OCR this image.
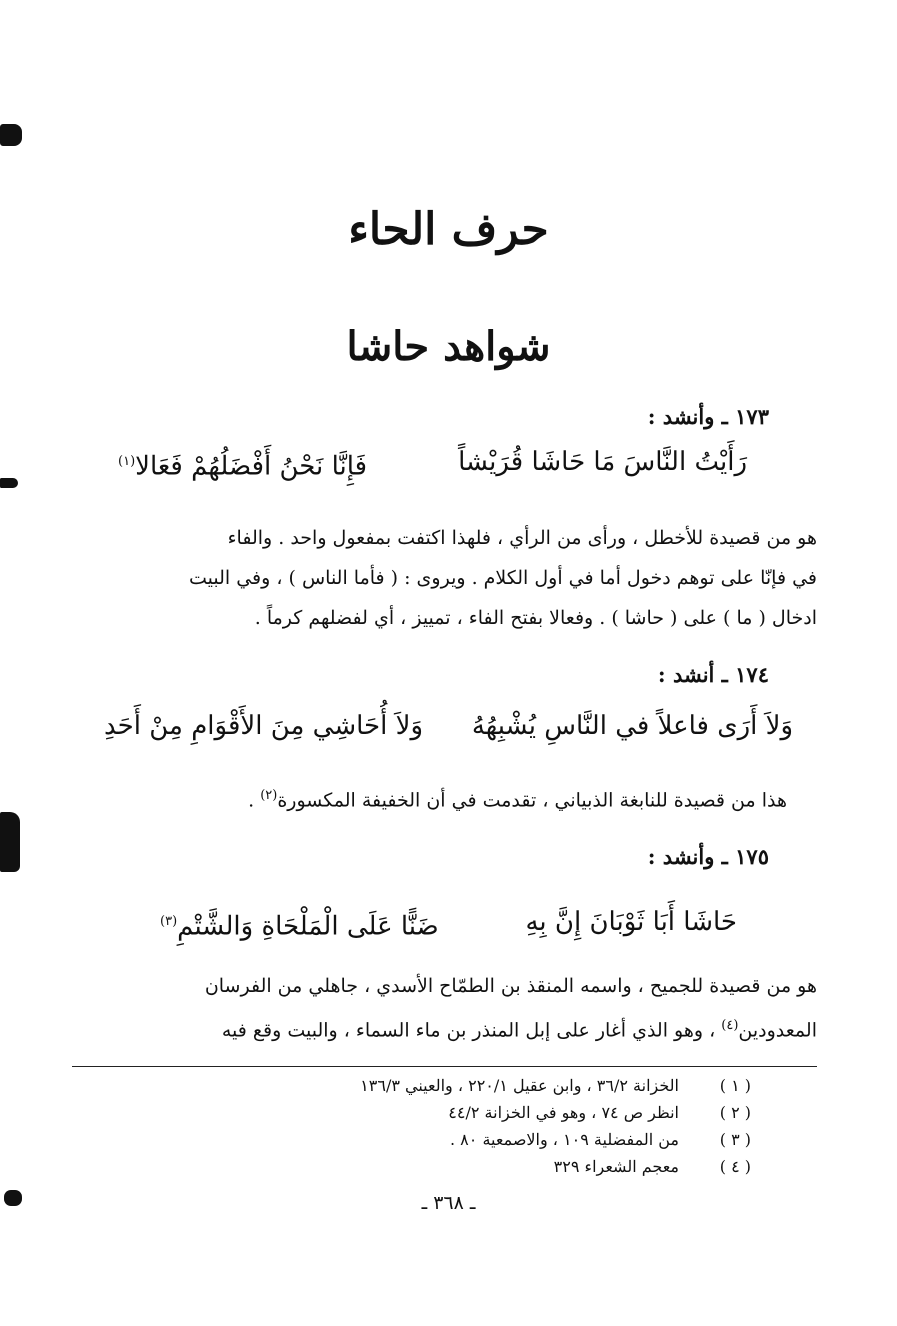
حرف الحاء
شواهد حاشا
١٧٣ ـ وأنشد :
رَأَيْتُ النَّاسَ مَا حَاشَا قُرَيْشاً
فَإِنَّا نَحْنُ أَفْضَلُهُمْ فَعَالا$^{(١)}$
هو من قصيدة للأخطل ، ورأى من الرأي ، فلهذا اكتفت بمفعول واحد . والفاء
في فإنّا على توهم دخول أما في أول الكلام . ويروى : ( فأما الناس ) ، وفي البيت
ادخال ( ما ) على ( حاشا ) . وفعالا بفتح الفاء ، تمييز ، أي لفضلهم كرماً .
١٧٤ ـ أنشد :
وَلاَ أَرَى فاعلاً في النَّاسِ يُشْبِهُهُ
وَلاَ أُحَاشِي مِنَ الأَقْوَامِ مِنْ أَحَدِ
هذا من قصيدة للنابغة الذبياني ، تقدمت في أن الخفيفة المكسورة$^{(٢)}$ .
١٧٥ ـ وأنشد :
حَاشَا أَبَا ثَوْبَانَ إِنَّ بِهِ
ضَنًّا عَلَى الْمَلْحَاةِ وَالشَّتْمِ$^{(٣)}$
هو من قصيدة للجميح ، واسمه المنقذ بن الطمّاح الأسدي ، جاهلي من الفرسان
المعدودين$^{(٤)}$ ، وهو الذي أغار على إبل المنذر بن ماء السماء ، والبيت وقع فيه
( ١ )
الخزانة ٣٦/٢ ، وابن عقيل ٢٢٠/١ ، والعيني ١٣٦/٣
( ٢ )
انظر ص ٧٤ ، وهو في الخزانة ٤٤/٢
( ٣ )
من المفضلية ١٠٩ ، والاصمعية ٨٠ .
( ٤ )
معجم الشعراء ٣٢٩
ـ ٣٦٨ ـ
